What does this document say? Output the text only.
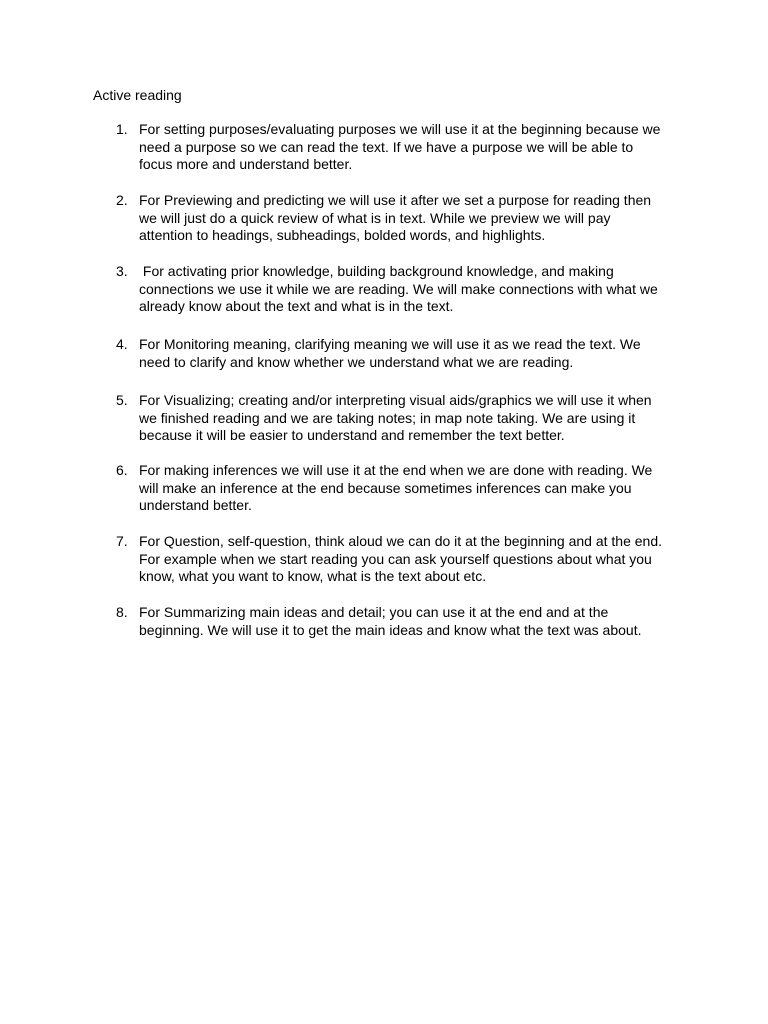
Active reading
1. For setting purposes/evaluating purposes we will use it at the beginning because we
need a purpose so we can read the text. If we have a purpose we will be able to
focus more and understand better.
2. For Previewing and predicting we will use it after we set a purpose for reading then
we will just do a quick review of what is in text. While we preview we will pay
attention to headings, subheadings, bolded words, and highlights.
3. For activating prior knowledge, building background knowledge, and making
connections we use it while we are reading. We will make connections with what we
already know about the text and what is in the text.
4. For Monitoring meaning, clarifying meaning we will use it as we read the text. We
need to clarify and know whether we understand what we are reading.
5. For Visualizing; creating and/or interpreting visual aids/graphics we will use it when
we finished reading and we are taking notes; in map note taking. We are using it
because it will be easier to understand and remember the text better.
6. For making inferences we will use it at the end when we are done with reading. We
will make an inference at the end because sometimes inferences can make you
understand better.
7. For Question, self-question, think aloud we can do it at the beginning and at the end.
For example when we start reading you can ask yourself questions about what you
know, what you want to know, what is the text about etc.
8. For Summarizing main ideas and detail; you can use it at the end and at the
beginning. We will use it to get the main ideas and know what the text was about.
